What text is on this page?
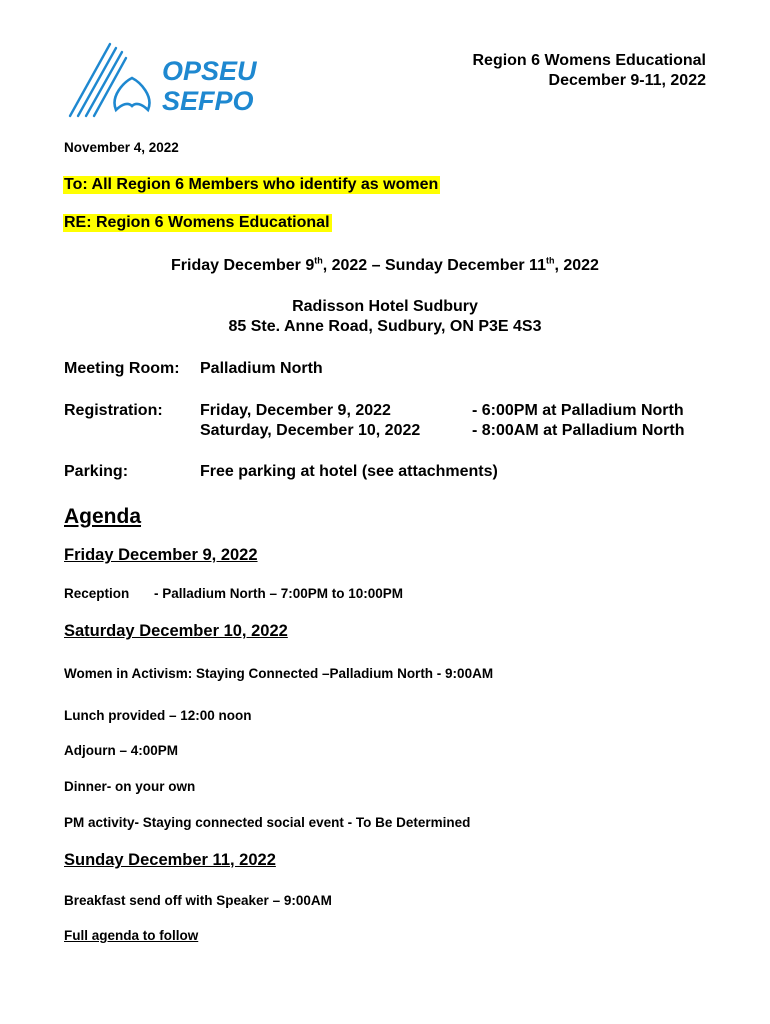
OPSEU
SEFPO
Region 6 Womens Educational
December 9-11, 2022
November 4, 2022
To: All Region 6 Members who identify as women
RE: Region 6 Womens Educational
Friday December 9th, 2022 – Sunday December 11th, 2022
Radisson Hotel Sudbury
85 Ste. Anne Road, Sudbury, ON P3E 4S3
Meeting Room: Palladium North
Registration: Friday, December 9, 2022	- 6:00PM at Palladium North
Saturday, December 10, 2022	- 8:00AM at Palladium North
Parking:	Free parking at hotel (see attachments)
Agenda
Friday December 9, 2022
Reception - Palladium North – 7:00PM to 10:00PM
Saturday December 10, 2022
Women in Activism: Staying Connected –Palladium North - 9:00AM
Lunch provided – 12:00 noon
Adjourn – 4:00PM
Dinner- on your own
PM activity- Staying connected social event - To Be Determined
Sunday December 11, 2022
Breakfast send off with Speaker – 9:00AM
Full agenda to follow
